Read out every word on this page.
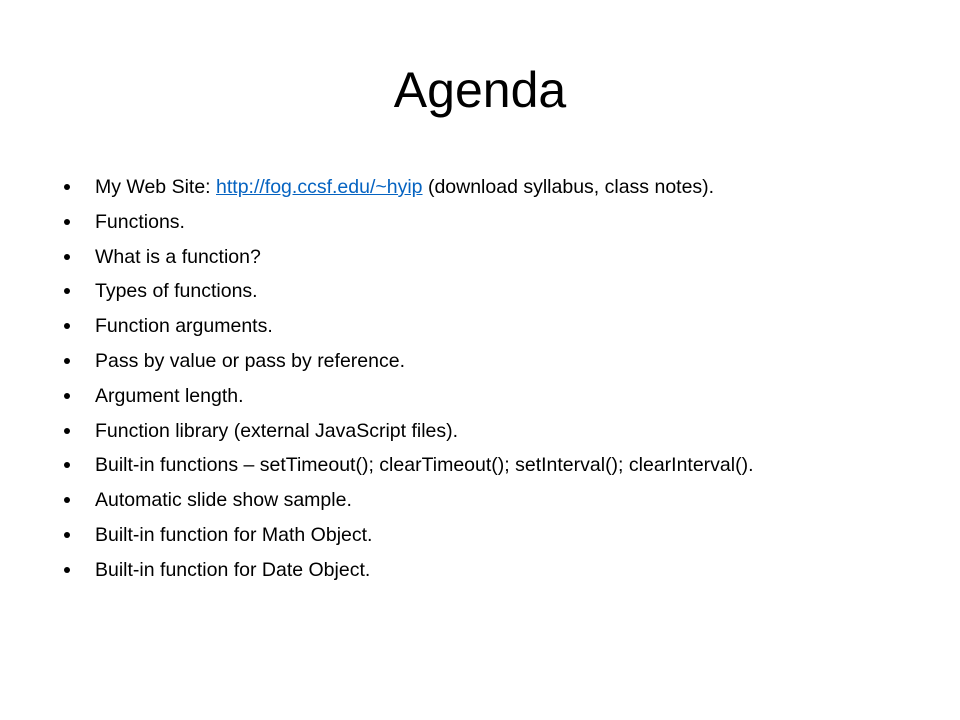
Agenda
My Web Site: http://fog.ccsf.edu/~hyip (download syllabus, class notes).
Functions.
What is a function?
Types of functions.
Function arguments.
Pass by value or pass by reference.
Argument length.
Function library (external JavaScript files).
Built-in functions – setTimeout(); clearTimeout(); setInterval(); clearInterval().
Automatic slide show sample.
Built-in function for Math Object.
Built-in function for Date Object.
